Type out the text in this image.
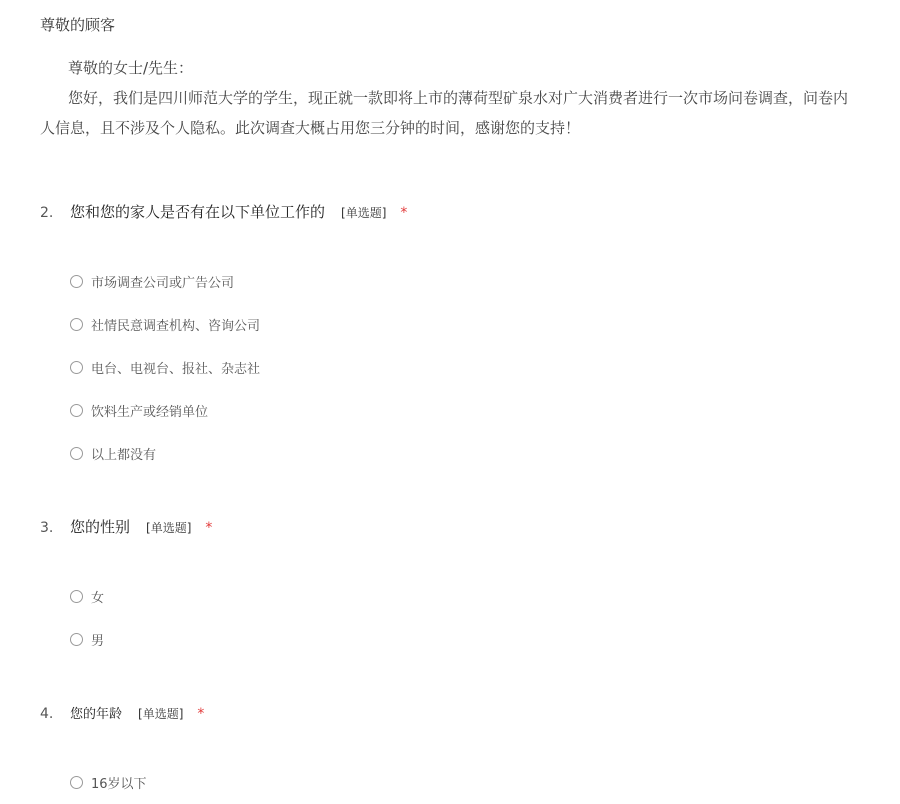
尊敬的顾客
尊敬的女士/先生：
您好，我们是四川师范大学的学生，现正就一款即将上市的薄荷型矿泉水对广大消费者进行一次市场问卷调查，问卷内
人信息，且不涉及个人隐私。此次调查大概占用您三分钟的时间，感谢您的支持！
2.	您和您的家人是否有在以下单位工作的 [单选题] *
市场调查公司或广告公司
社情民意调查机构、咨询公司
电台、电视台、报社、杂志社
饮料生产或经销单位
以上都没有
3.	您的性别 [单选题] *
女
男
4.	您的年龄 [单选题] *
16岁以下
